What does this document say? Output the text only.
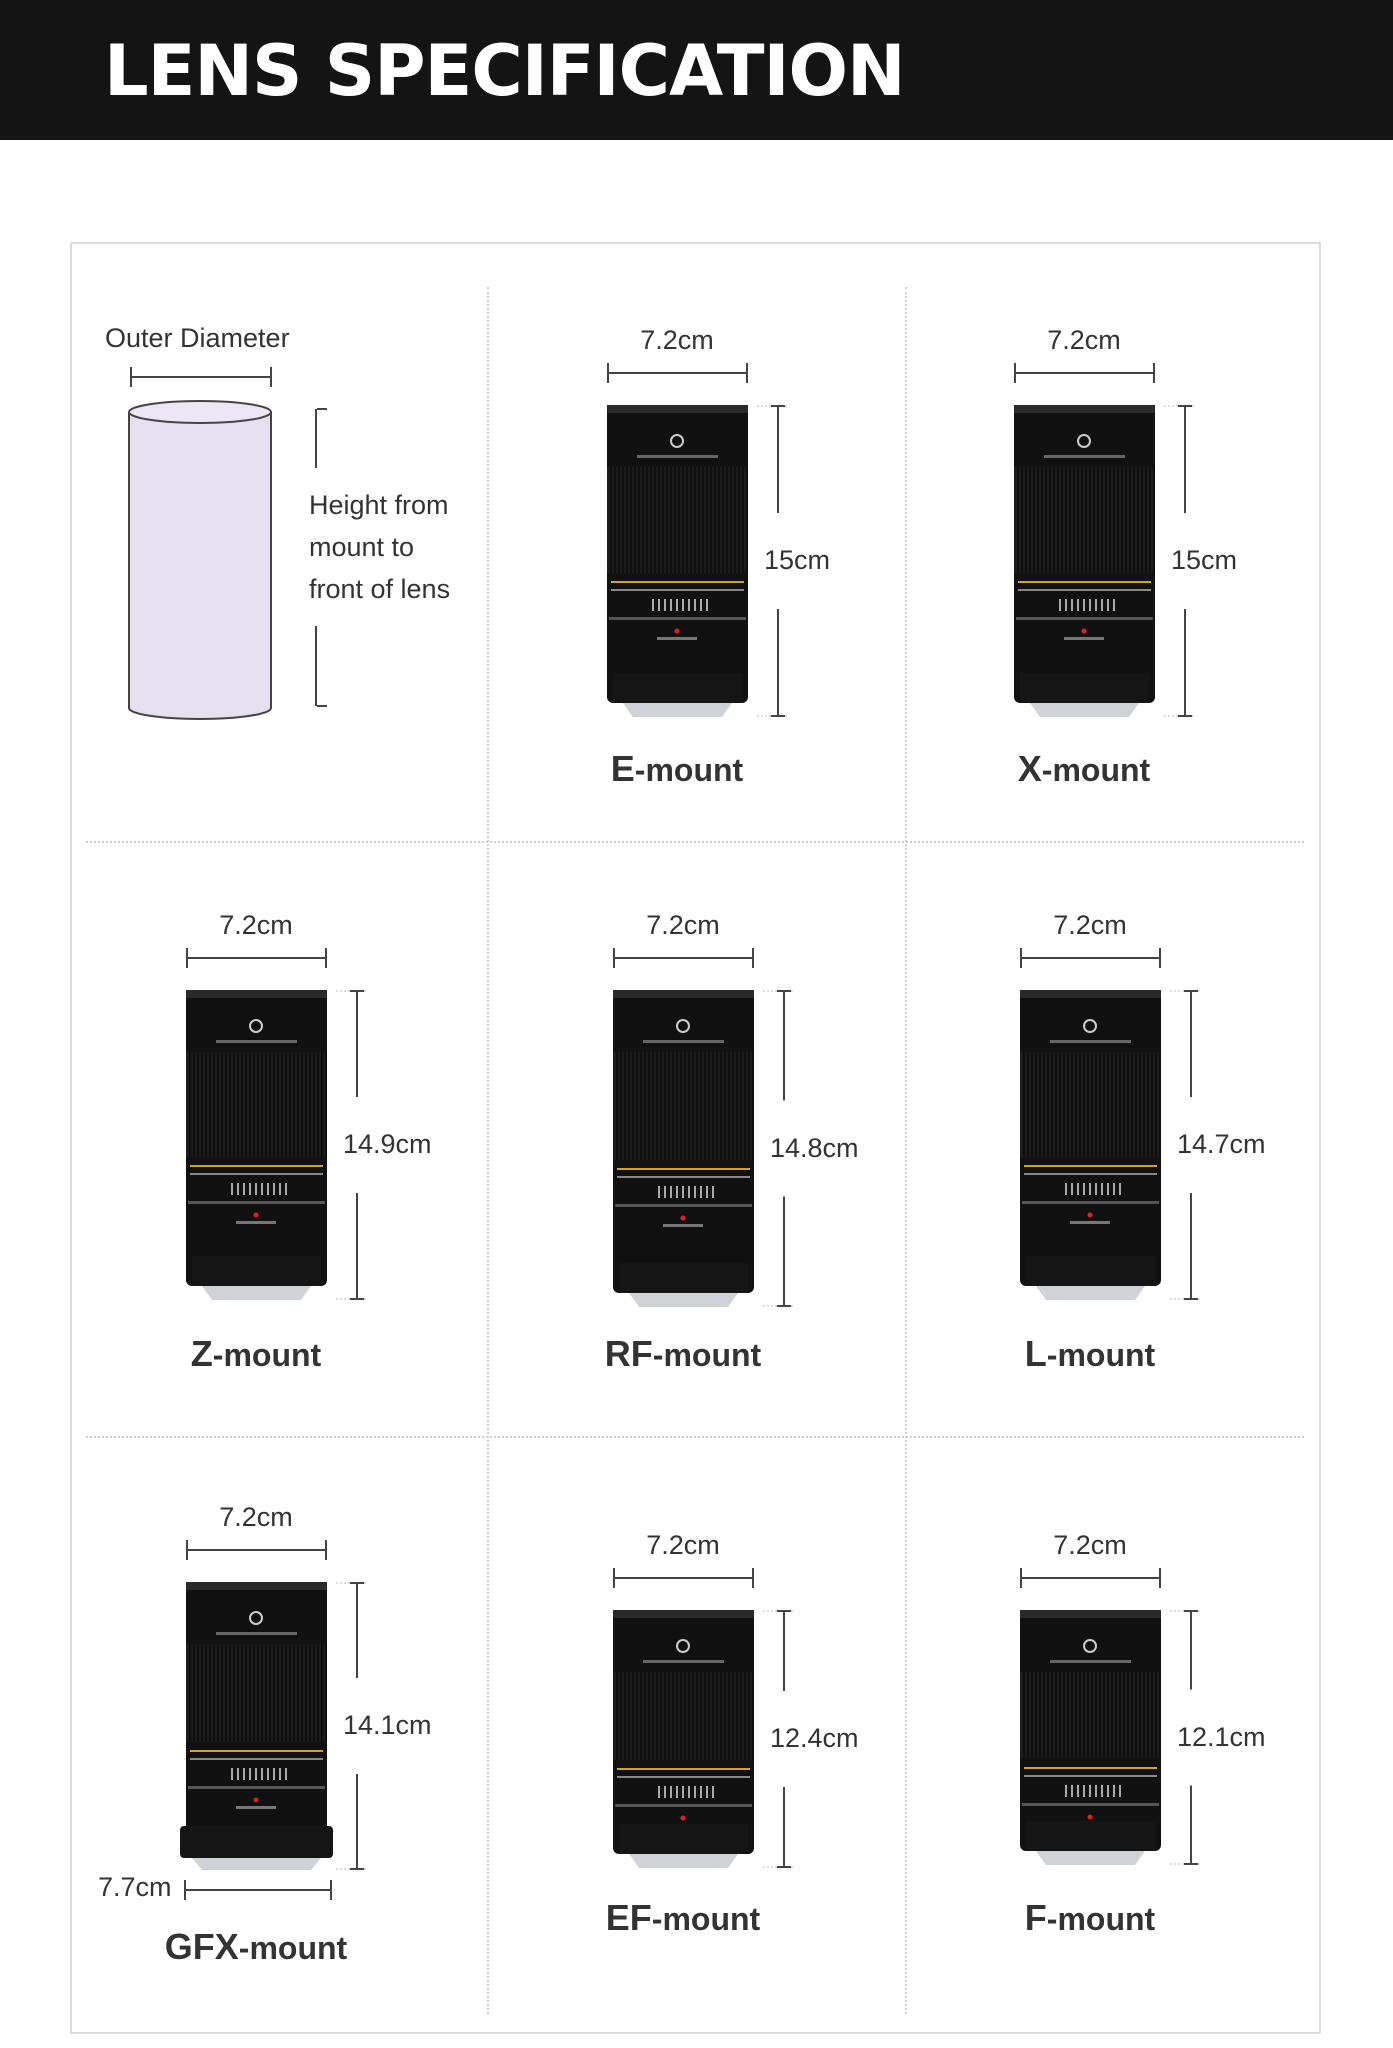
LENS SPECIFICATION
Outer Diameter
Height from
mount to
front of lens
7.2cm
15cm
E-mount
7.2cm
15cm
X-mount
7.2cm
14.9cm
Z-mount
7.2cm
14.8cm
RF-mount
7.2cm
14.7cm
L-mount
7.2cm
14.1cm
7.7cm
GFX-mount
7.2cm
12.4cm
EF-mount
7.2cm
12.1cm
F-mount
